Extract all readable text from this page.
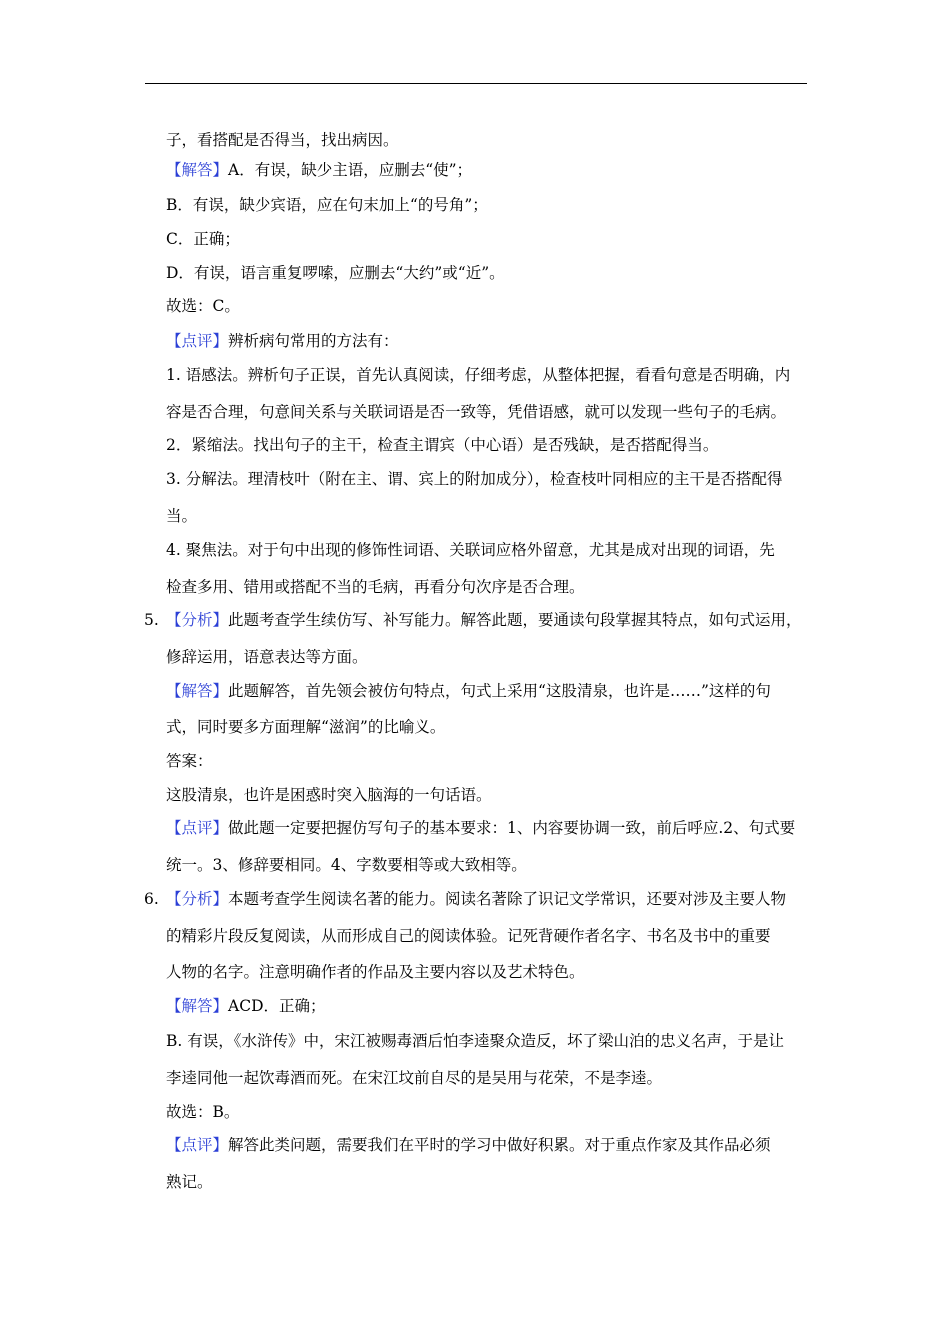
子，看搭配是否得当，找出病因。
【解答】A．有误，缺少主语，应删去“使”；
B．有误，缺少宾语，应在句末加上“的号角”；
C．正确；
D．有误，语言重复啰嗦，应删去“大约”或“近”。
故选：C。
【点评】辨析病句常用的方法有：
1. 语感法。辨析句子正误，首先认真阅读，仔细考虑，从整体把握，看看句意是否明确，内
容是否合理，句意间关系与关联词语是否一致等，凭借语感，就可以发现一些句子的毛病。
2．紧缩法。找出句子的主干，检查主谓宾（中心语）是否残缺，是否搭配得当。
3. 分解法。理清枝叶（附在主、谓、宾上的附加成分），检查枝叶同相应的主干是否搭配得
当。
4. 聚焦法。对于句中出现的修饰性词语、关联词应格外留意，尤其是成对出现的词语，先
检查多用、错用或搭配不当的毛病，再看分句次序是否合理。
5. 【分析】此题考查学生续仿写、补写能力。解答此题，要通读句段掌握其特点，如句式运用，
修辞运用，语意表达等方面。
【解答】此题解答，首先领会被仿句特点，句式上采用“这股清泉，也许是……”这样的句
式，同时要多方面理解“滋润”的比喻义。
答案：
这股清泉，也许是困惑时突入脑海的一句话语。
【点评】做此题一定要把握仿写句子的基本要求：1、内容要协调一致，前后呼应.2、句式要
统一。3、修辞要相同。4、字数要相等或大致相等。
6. 【分析】本题考查学生阅读名著的能力。阅读名著除了识记文学常识，还要对涉及主要人物
的精彩片段反复阅读，从而形成自己的阅读体验。记死背硬作者名字、书名及书中的重要
人物的名字。注意明确作者的作品及主要内容以及艺术特色。
【解答】ACD．正确；
B. 有误，《水浒传》中，宋江被赐毒酒后怕李逵聚众造反，坏了梁山泊的忠义名声，于是让
李逵同他一起饮毒酒而死。在宋江坟前自尽的是吴用与花荣，不是李逵。
故选：B。
【点评】解答此类问题，需要我们在平时的学习中做好积累。对于重点作家及其作品必须
熟记。
